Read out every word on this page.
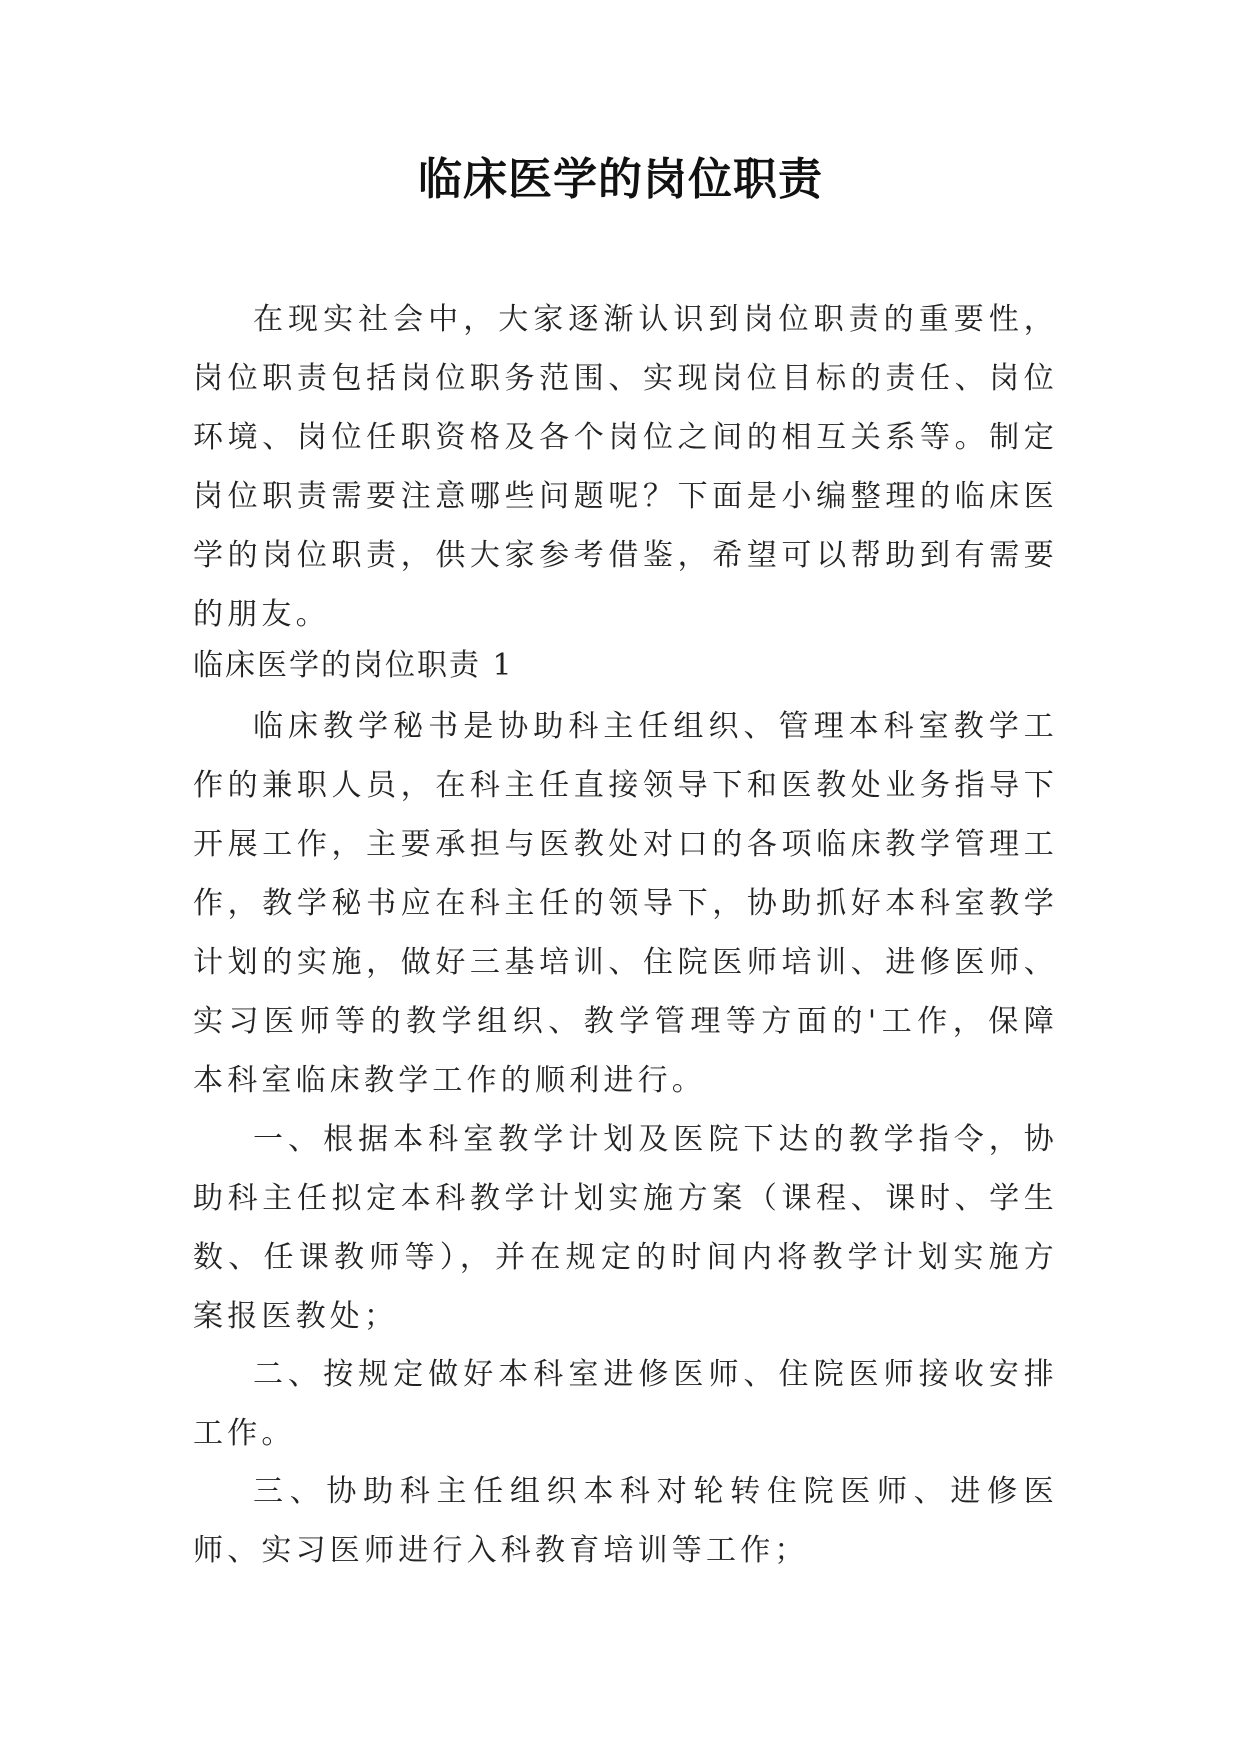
临床医学的岗位职责

在现实社会中，大家逐渐认识到岗位职责的重要性，岗位职责包括岗位职务范围、实现岗位目标的责任、岗位环境、岗位任职资格及各个岗位之间的相互关系等。制定岗位职责需要注意哪些问题呢？下面是小编整理的临床医学的岗位职责，供大家参考借鉴，希望可以帮助到有需要的朋友。

临床医学的岗位职责 1

临床教学秘书是协助科主任组织、管理本科室教学工作的兼职人员，在科主任直接领导下和医教处业务指导下开展工作，主要承担与医教处对口的各项临床教学管理工作，教学秘书应在科主任的领导下，协助抓好本科室教学计划的实施，做好三基培训、住院医师培训、进修医师、实习医师等的教学组织、教学管理等方面的'工作，保障本科室临床教学工作的顺利进行。

一、根据本科室教学计划及医院下达的教学指令，协助科主任拟定本科教学计划实施方案（课程、课时、学生数、任课教师等），并在规定的时间内将教学计划实施方案报医教处；

二、按规定做好本科室进修医师、住院医师接收安排工作。

三、协助科主任组织本科对轮转住院医师、进修医师、实习医师进行入科教育培训等工作；
